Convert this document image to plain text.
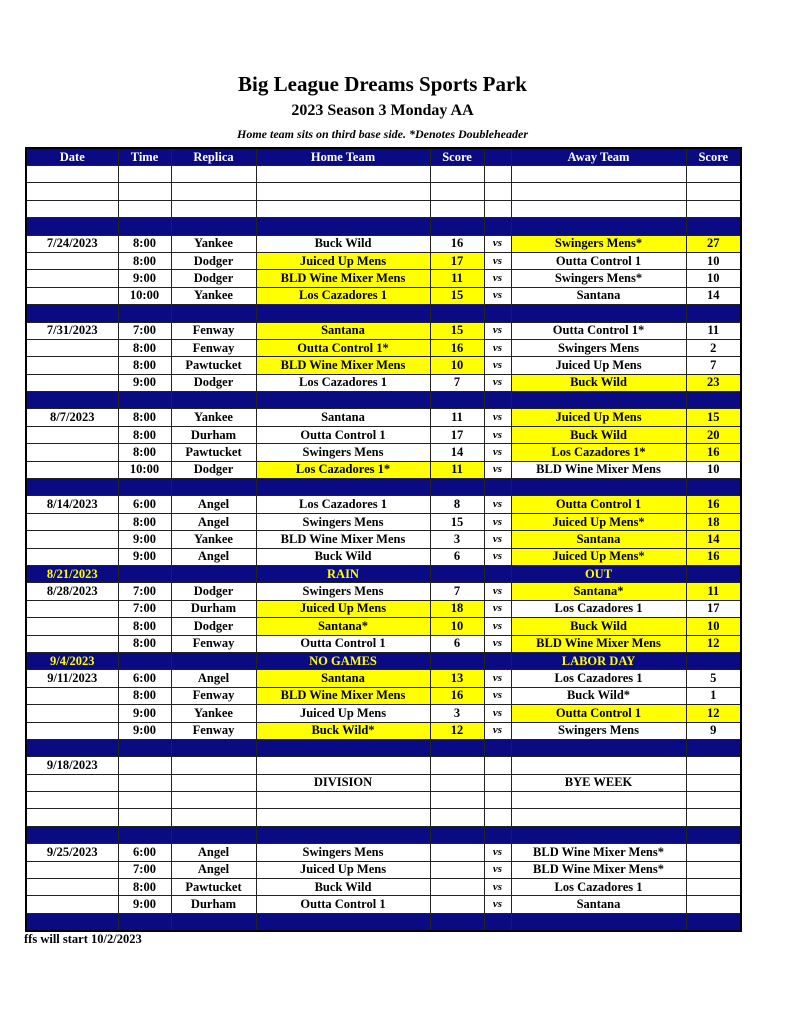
Big League Dreams Sports Park
2023 Season 3 Monday AA
Home team sits on third base side. *Denotes Doubleheader
Date	Time	Replica	Home Team	Score		Away Team	Score

7/24/2023	8:00	Yankee	Buck Wild	16	vs	Swingers Mens*	27
	8:00	Dodger	Juiced Up Mens	17	vs	Outta Control 1	10
	9:00	Dodger	BLD Wine Mixer Mens	11	vs	Swingers Mens*	10
	10:00	Yankee	Los Cazadores 1	15	vs	Santana	14

7/31/2023	7:00	Fenway	Santana	15	vs	Outta Control 1*	11
	8:00	Fenway	Outta Control 1*	16	vs	Swingers Mens	2
	8:00	Pawtucket	BLD Wine Mixer Mens	10	vs	Juiced Up Mens	7
	9:00	Dodger	Los Cazadores 1	7	vs	Buck Wild	23

8/7/2023	8:00	Yankee	Santana	11	vs	Juiced Up Mens	15
	8:00	Durham	Outta Control 1	17	vs	Buck Wild	20
	8:00	Pawtucket	Swingers Mens	14	vs	Los Cazadores 1*	16
	10:00	Dodger	Los Cazadores 1*	11	vs	BLD Wine Mixer Mens	10

8/14/2023	6:00	Angel	Los Cazadores 1	8	vs	Outta Control 1	16
	8:00	Angel	Swingers Mens	15	vs	Juiced Up Mens*	18
	9:00	Yankee	BLD Wine Mixer Mens	3	vs	Santana	14
	9:00	Angel	Buck Wild	6	vs	Juiced Up Mens*	16
8/21/2023			RAIN			OUT	
8/28/2023	7:00	Dodger	Swingers Mens	7	vs	Santana*	11
	7:00	Durham	Juiced Up Mens	18	vs	Los Cazadores 1	17
	8:00	Dodger	Santana*	10	vs	Buck Wild	10
	8:00	Fenway	Outta Control 1	6	vs	BLD Wine Mixer Mens	12
9/4/2023			NO GAMES			LABOR DAY	
9/11/2023	6:00	Angel	Santana	13	vs	Los Cazadores 1	5
	8:00	Fenway	BLD Wine Mixer Mens	16	vs	Buck Wild*	1
	9:00	Yankee	Juiced Up Mens	3	vs	Outta Control 1	12
	9:00	Fenway	Buck Wild*	12	vs	Swingers Mens	9

9/18/2023							
			DIVISION			BYE WEEK	

9/25/2023	6:00	Angel	Swingers Mens		vs	BLD Wine Mixer Mens*	
	7:00	Angel	Juiced Up Mens		vs	BLD Wine Mixer Mens*	
	8:00	Pawtucket	Buck Wild		vs	Los Cazadores 1	
	9:00	Durham	Outta Control 1		vs	Santana	

ffs will start 10/2/2023
